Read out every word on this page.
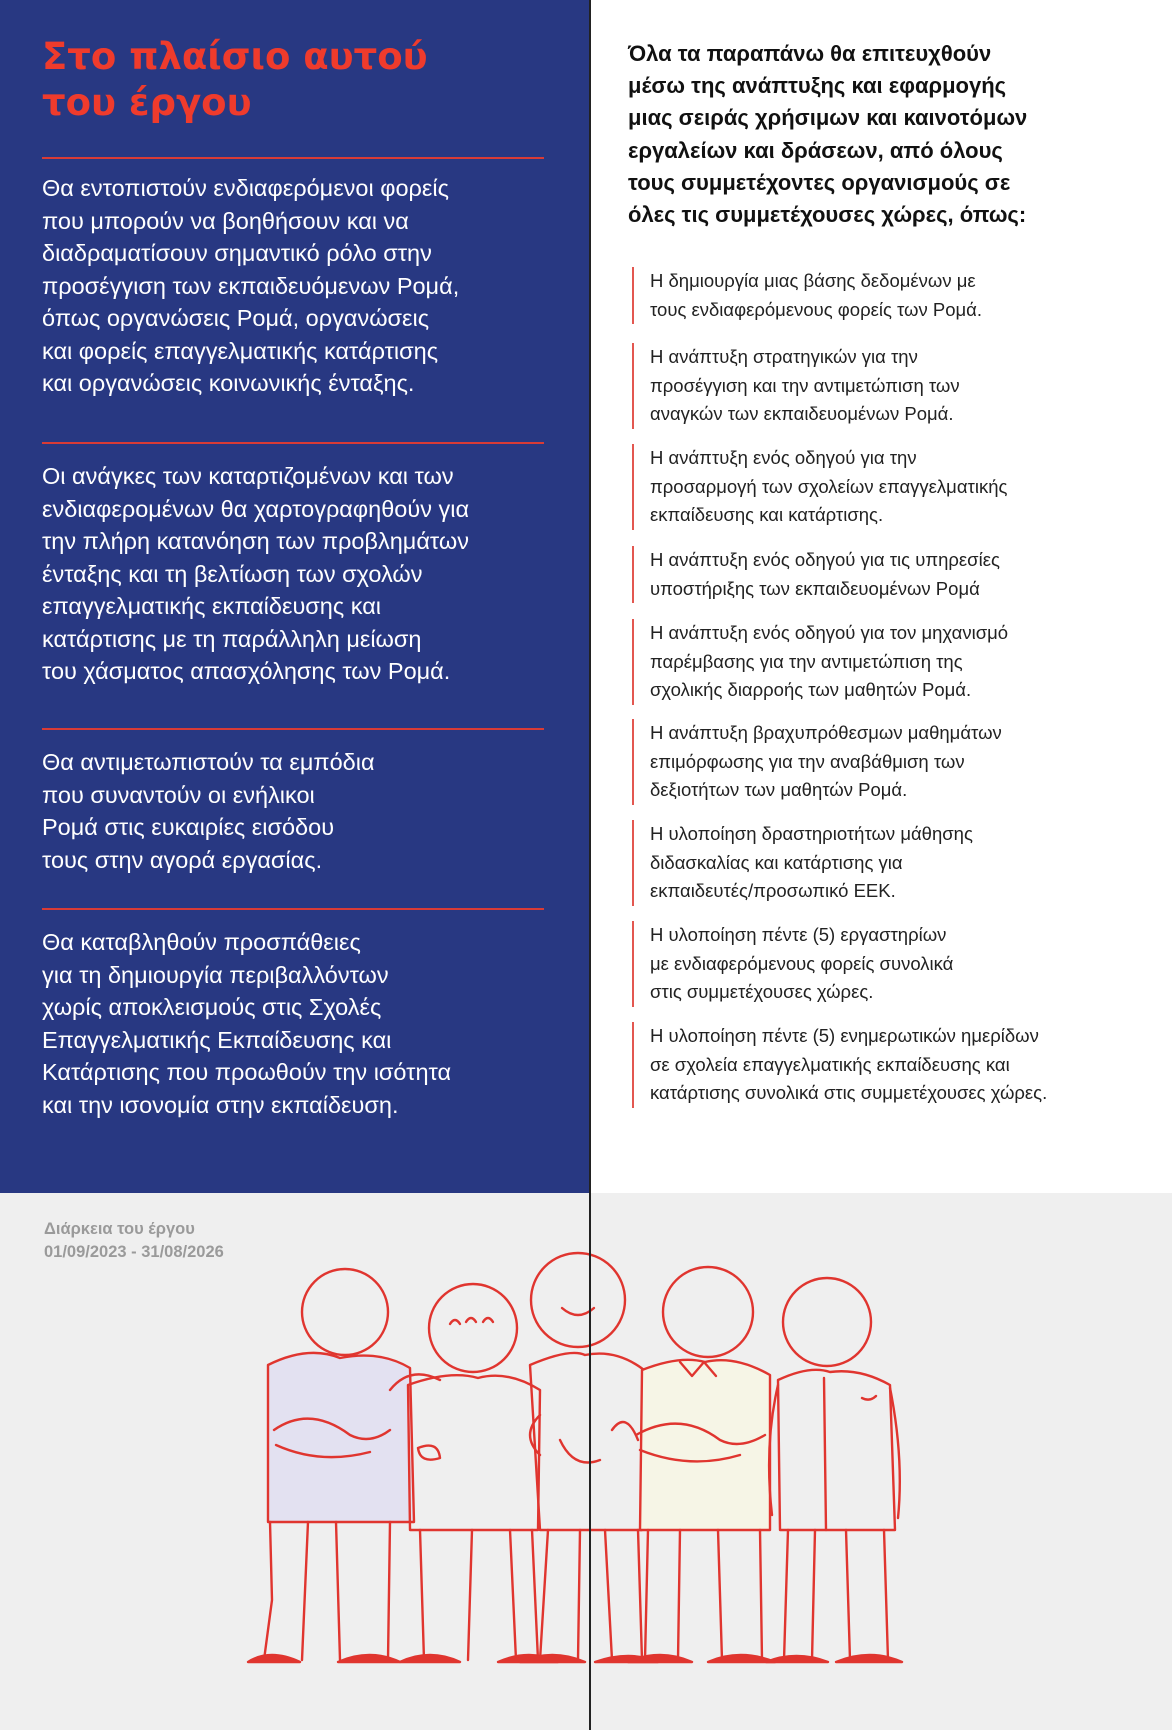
Στο πλαίσιο αυτού
του έργου

Θα εντοπιστούν ενδιαφερόμενοι φορείς
που μπορούν να βοηθήσουν και να
διαδραματίσουν σημαντικό ρόλο στην
προσέγγιση των εκπαιδευόμενων Ρομά,
όπως οργανώσεις Ρομά, οργανώσεις
και φορείς επαγγελματικής κατάρτισης
και οργανώσεις κοινωνικής ένταξης.

Οι ανάγκες των καταρτιζομένων και των
ενδιαφερομένων θα χαρτογραφηθούν για
την πλήρη κατανόηση των προβλημάτων
ένταξης και τη βελτίωση των σχολών
επαγγελματικής εκπαίδευσης και
κατάρτισης με τη παράλληλη μείωση
του χάσματος απασχόλησης των Ρομά.

Θα αντιμετωπιστούν τα εμπόδια
που συναντούν οι ενήλικοι
Ρομά στις ευκαιρίες εισόδου
τους στην αγορά εργασίας.

Θα καταβληθούν προσπάθειες
για τη δημιουργία περιβαλλόντων
χωρίς αποκλεισμούς στις Σχολές
Επαγγελματικής Εκπαίδευσης και
Κατάρτισης που προωθούν την ισότητα
και την ισονομία στην εκπαίδευση.

Όλα τα παραπάνω θα επιτευχθούν
μέσω της ανάπτυξης και εφαρμογής
μιας σειράς χρήσιμων και καινοτόμων
εργαλείων και δράσεων, από όλους
τους συμμετέχοντες οργανισμούς σε
όλες τις συμμετέχουσες χώρες, όπως:

Η δημιουργία μιας βάσης δεδομένων με
τους ενδιαφερόμενους φορείς των Ρομά.

Η ανάπτυξη στρατηγικών για την
προσέγγιση και την αντιμετώπιση των
αναγκών των εκπαιδευομένων Ρομά.

Η ανάπτυξη ενός οδηγού για την
προσαρμογή των σχολείων επαγγελματικής
εκπαίδευσης και κατάρτισης.

Η ανάπτυξη ενός οδηγού για τις υπηρεσίες
υποστήριξης των εκπαιδευομένων Ρομά

Η ανάπτυξη ενός οδηγού για τον μηχανισμό
παρέμβασης για την αντιμετώπιση της
σχολικής διαρροής των μαθητών Ρομά.

Η ανάπτυξη βραχυπρόθεσμων μαθημάτων
επιμόρφωσης για την αναβάθμιση των
δεξιοτήτων των μαθητών Ρομά.

Η υλοποίηση δραστηριοτήτων μάθησης
διδασκαλίας και κατάρτισης για
εκπαιδευτές/προσωπικό ΕΕΚ.

Η υλοποίηση πέντε (5) εργαστηρίων
με ενδιαφερόμενους φορείς συνολικά
στις συμμετέχουσες χώρες.

Η υλοποίηση πέντε (5) ενημερωτικών ημερίδων
σε σχολεία επαγγελματικής εκπαίδευσης και
κατάρτισης συνολικά στις συμμετέχουσες χώρες.

Διάρκεια του έργου
01/09/2023 - 31/08/2026
